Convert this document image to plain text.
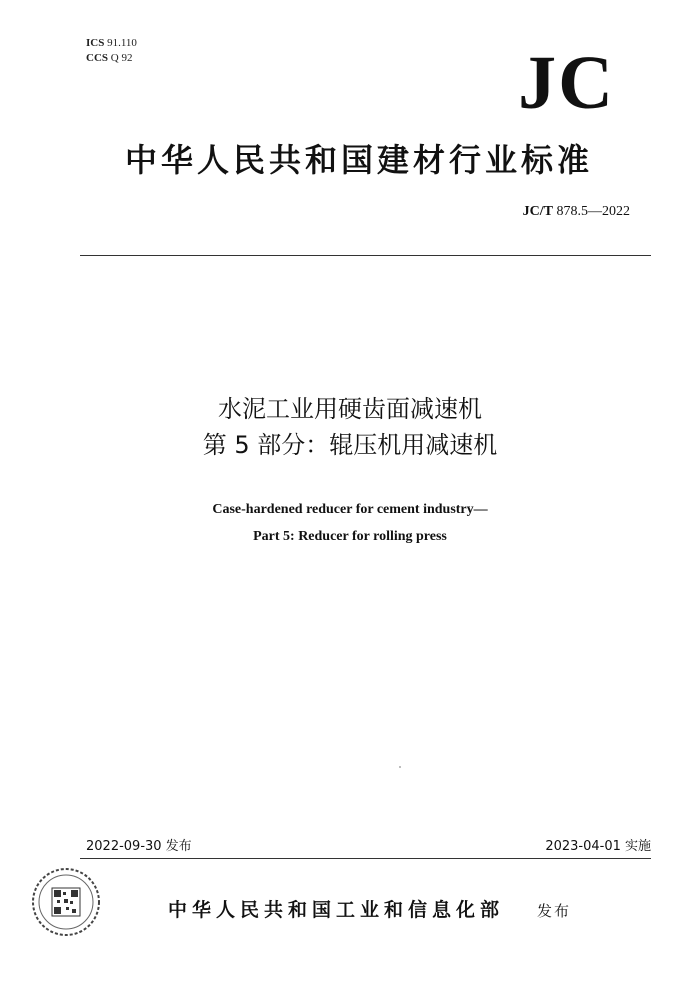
ICS 91.110
CCS Q 92	JC
中华人民共和国建材行业标准
JC/T 878.5—2022
水泥工业用硬齿面减速机
第 5 部分：辊压机用减速机
Case-hardened reducer for cement industry—
Part 5: Reducer for rolling press
2022-09-30 发布	2023-04-01 实施
中华人民共和国工业和信息化部 发布
